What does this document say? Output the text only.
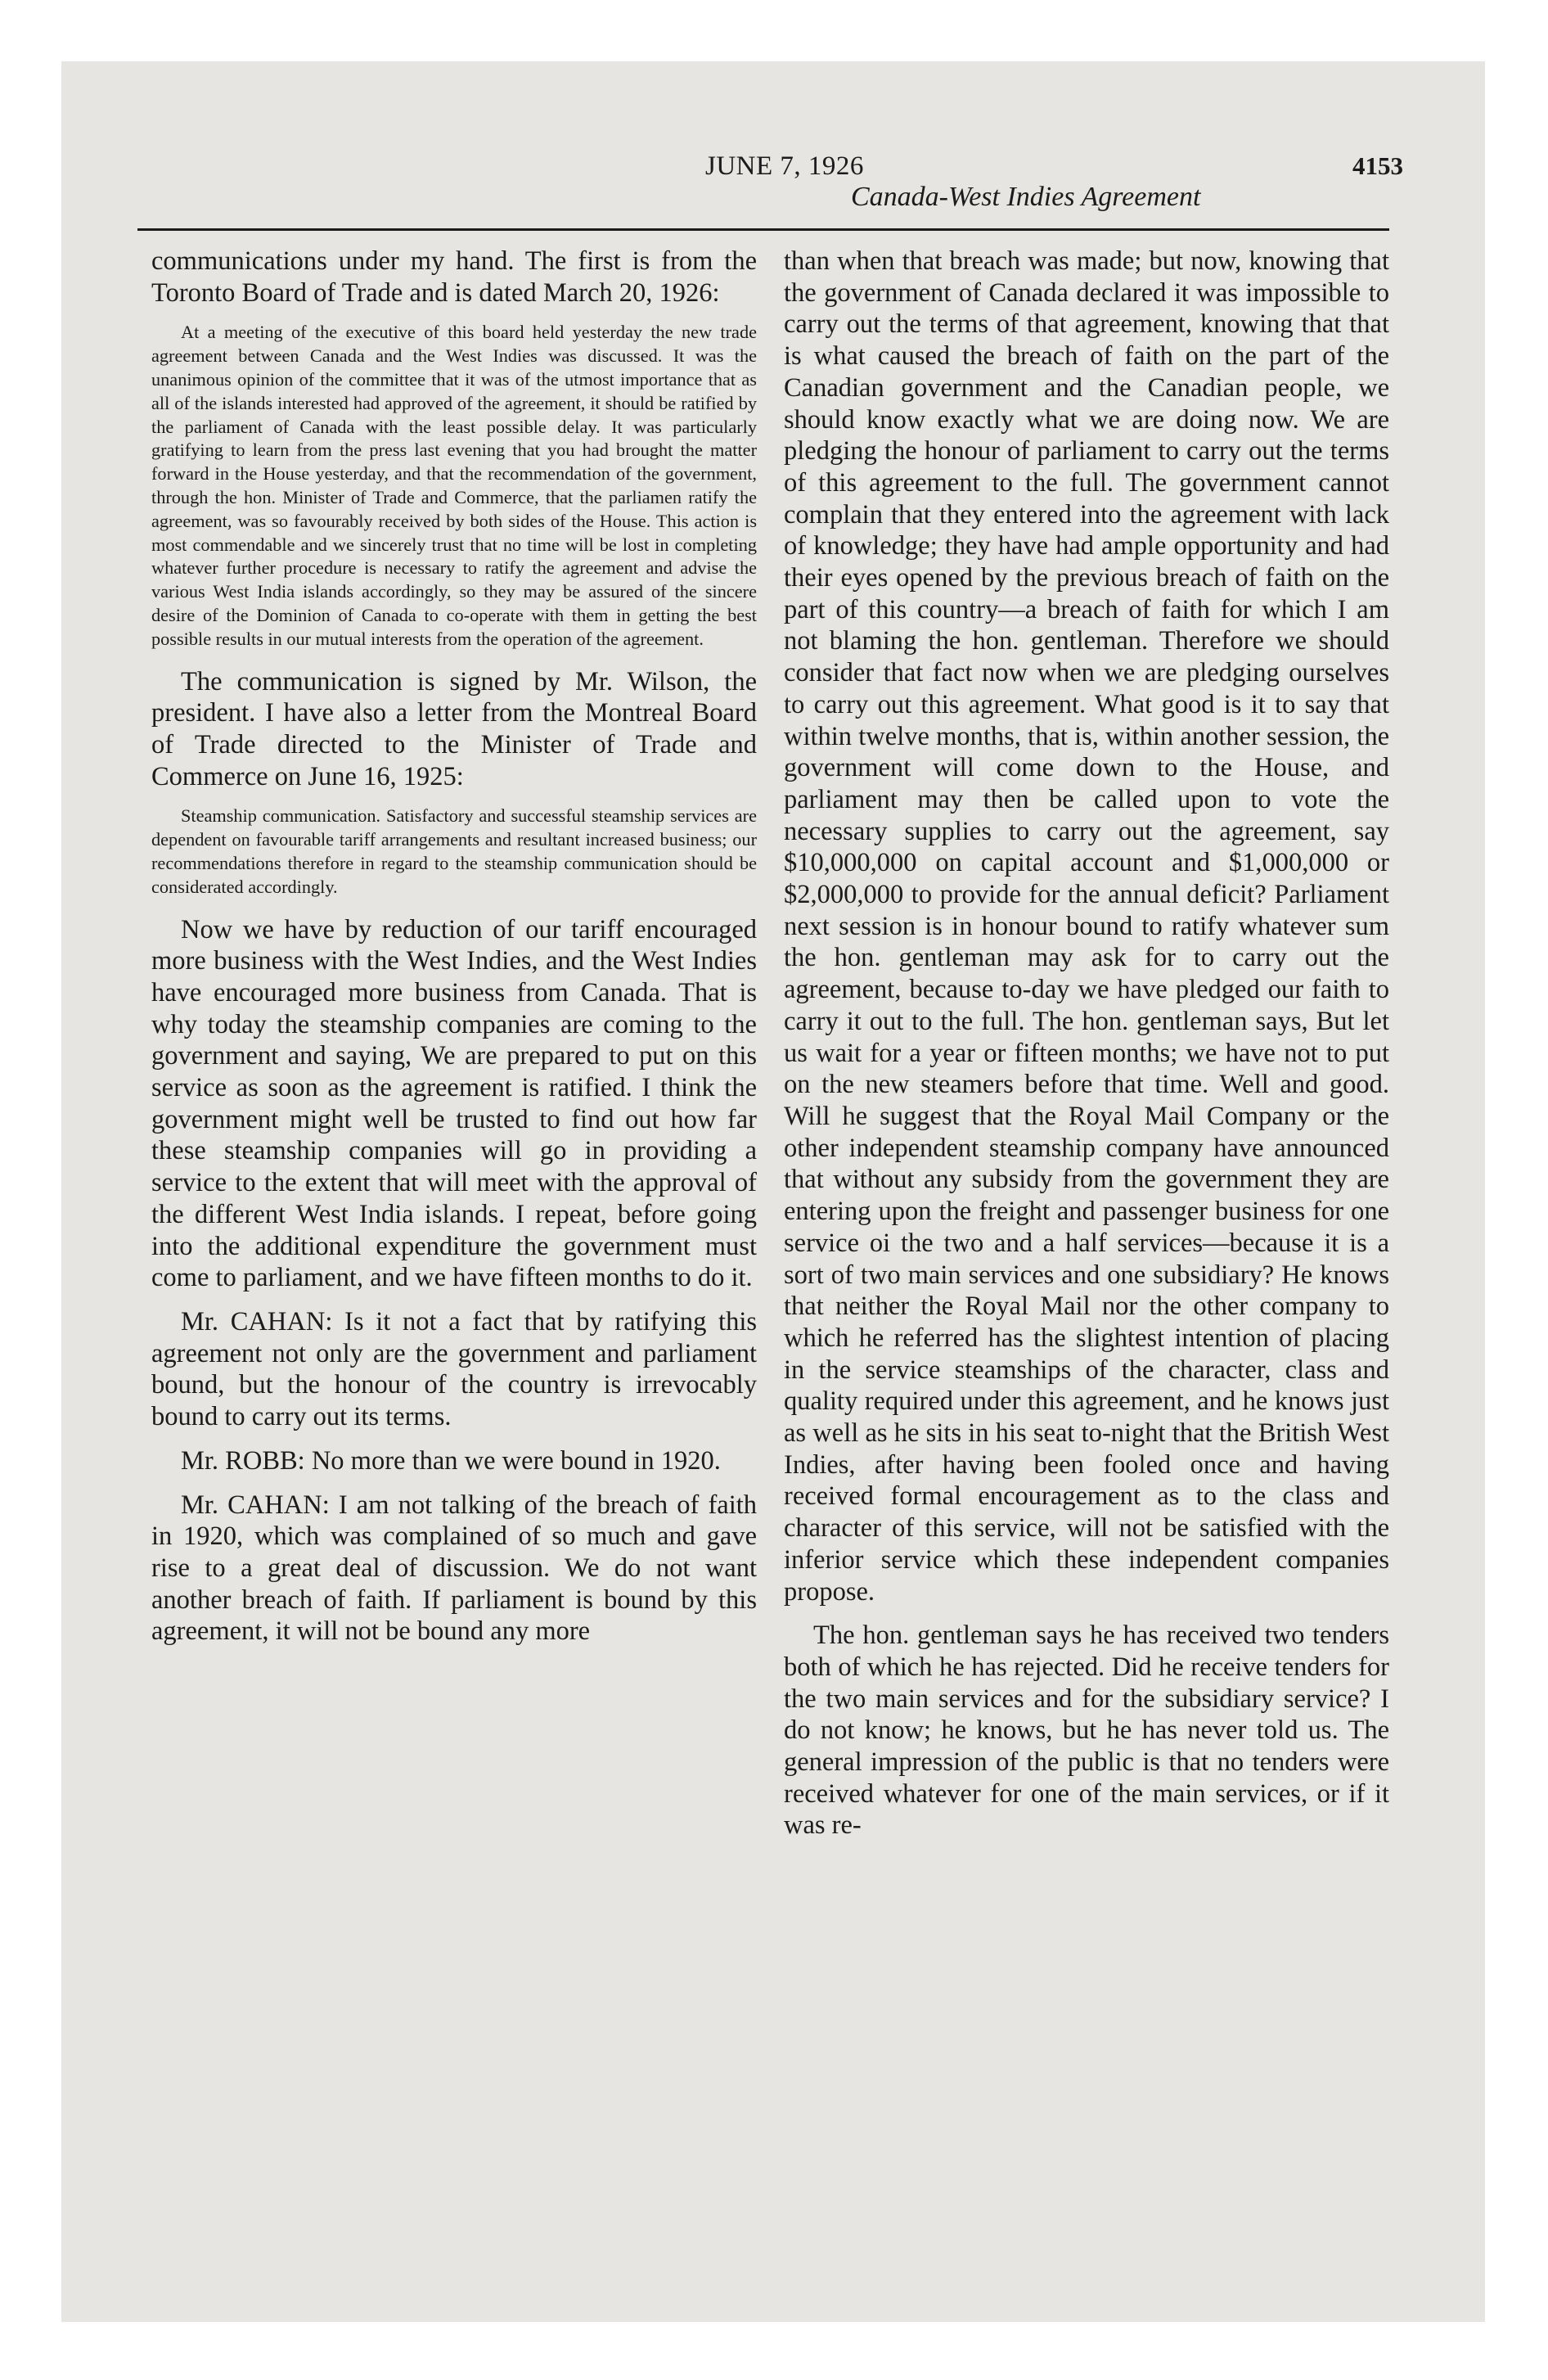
JUNE 7, 1926	4153
Canada-West Indies Agreement

communications under my hand. The first is from the Toronto Board of Trade and is dated March 20, 1926:

At a meeting of the executive of this board held yesterday the new trade agreement between Canada and the West Indies was discussed. It was the unanimous opinion of the committee that it was of the utmost importance that as all of the islands interested had approved of the agreement, it should be ratified by the parliament of Canada with the least possible delay. It was particularly gratifying to learn from the press last evening that you had brought the matter forward in the House yesterday, and that the recommendation of the government, through the hon. Minister of Trade and Commerce, that the parliamen ratify the agreement, was so favourably received by both sides of the House. This action is most commendable and we sincerely trust that no time will be lost in completing whatever further procedure is necessary to ratify the agreement and advise the various West India islands accordingly, so they may be assured of the sincere desire of the Dominion of Canada to co-operate with them in getting the best possible results in our mutual interests from the operation of the agreement.

The communication is signed by Mr. Wilson, the president. I have also a letter from the Montreal Board of Trade directed to the Minister of Trade and Commerce on June 16, 1925:

Steamship communication. Satisfactory and successful steamship services are dependent on favourable tariff arrangements and resultant increased business; our recommendations therefore in regard to the steamship communication should be considerated accordingly.

Now we have by reduction of our tariff encouraged more business with the West Indies, and the West Indies have encouraged more business from Canada. That is why today the steamship companies are coming to the government and saying, We are prepared to put on this service as soon as the agreement is ratified. I think the government might well be trusted to find out how far these steamship companies will go in providing a service to the extent that will meet with the approval of the different West India islands. I repeat, before going into the additional expenditure the government must come to parliament, and we have fifteen months to do it.

Mr. CAHAN: Is it not a fact that by ratifying this agreement not only are the government and parliament bound, but the honour of the country is irrevocably bound to carry out its terms.

Mr. ROBB: No more than we were bound in 1920.

Mr. CAHAN: I am not talking of the breach of faith in 1920, which was complained of so much and gave rise to a great deal of discussion. We do not want another breach of faith. If parliament is bound by this agreement, it will not be bound any more

than when that breach was made; but now, knowing that the government of Canada declared it was impossible to carry out the terms of that agreement, knowing that that is what caused the breach of faith on the part of the Canadian government and the Canadian people, we should know exactly what we are doing now. We are pledging the honour of parliament to carry out the terms of this agreement to the full. The government cannot complain that they entered into the agreement with lack of knowledge; they have had ample opportunity and had their eyes opened by the previous breach of faith on the part of this country—a breach of faith for which I am not blaming the hon. gentleman. Therefore we should consider that fact now when we are pledging ourselves to carry out this agreement. What good is it to say that within twelve months, that is, within another session, the government will come down to the House, and parliament may then be called upon to vote the necessary supplies to carry out the agreement, say $10,000,000 on capital account and $1,000,000 or $2,000,000 to provide for the annual deficit? Parliament next session is in honour bound to ratify whatever sum the hon. gentleman may ask for to carry out the agreement, because to-day we have pledged our faith to carry it out to the full. The hon. gentleman says, But let us wait for a year or fifteen months; we have not to put on the new steamers before that time. Well and good. Will he suggest that the Royal Mail Company or the other independent steamship company have announced that without any subsidy from the government they are entering upon the freight and passenger business for one service oi the two and a half services—because it is a sort of two main services and one subsidiary? He knows that neither the Royal Mail nor the other company to which he referred has the slightest intention of placing in the service steamships of the character, class and quality required under this agreement, and he knows just as well as he sits in his seat to-night that the British West Indies, after having been fooled once and having received formal encouragement as to the class and character of this service, will not be satisfied with the inferior service which these independent companies propose.

The hon. gentleman says he has received two tenders both of which he has rejected. Did he receive tenders for the two main services and for the subsidiary service? I do not know; he knows, but he has never told us. The general impression of the public is that no tenders were received whatever for one of the main services, or if it was re-
